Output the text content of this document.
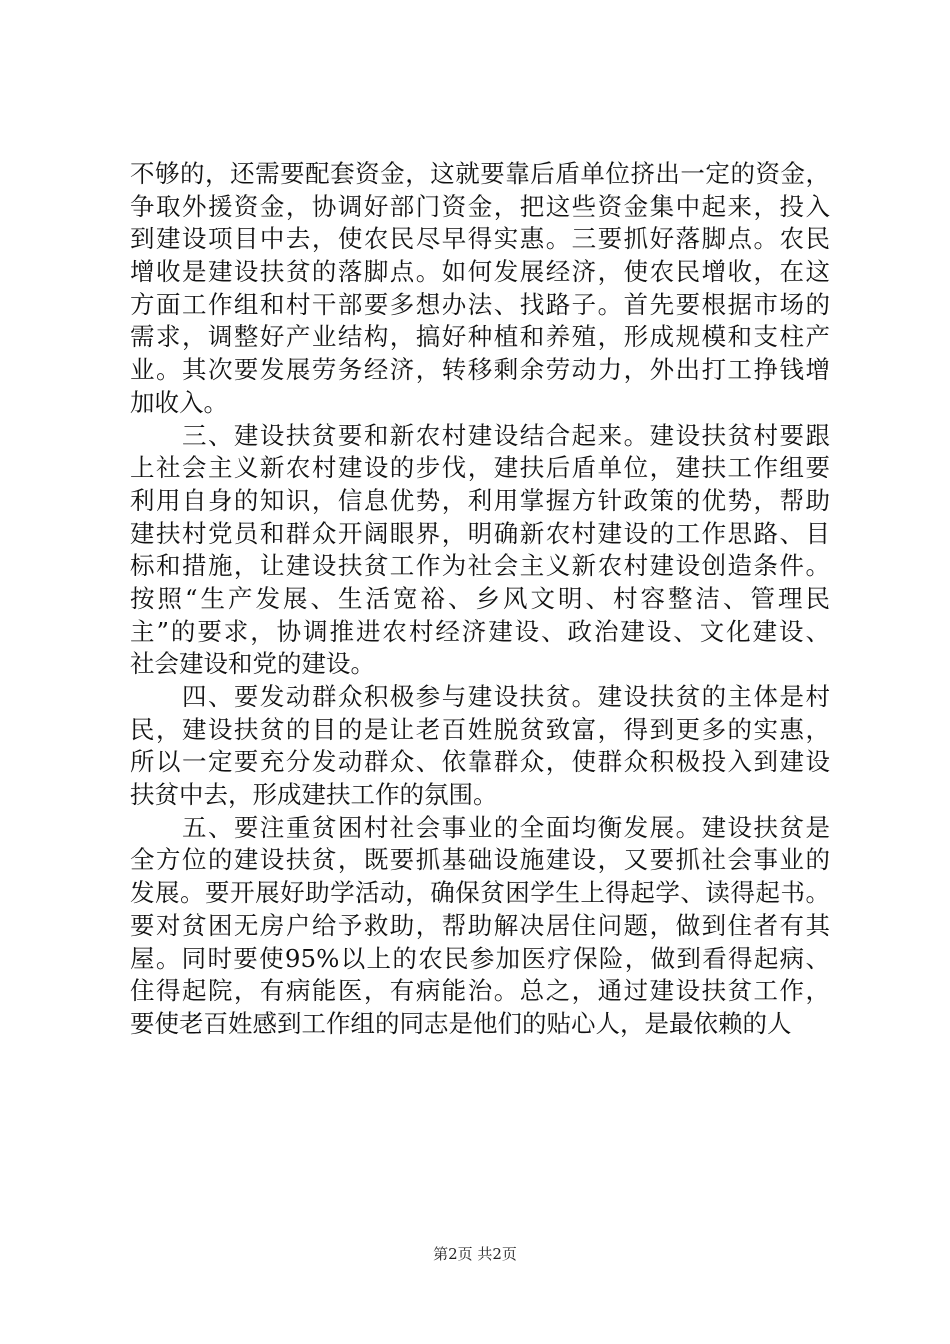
不够的，还需要配套资金，这就要靠后盾单位挤出一定的资金，
争取外援资金，协调好部门资金，把这些资金集中起来，投入
到建设项目中去，使农民尽早得实惠。三要抓好落脚点。农民
增收是建设扶贫的落脚点。如何发展经济，使农民增收，在这
方面工作组和村干部要多想办法、找路子。首先要根据市场的
需求，调整好产业结构，搞好种植和养殖，形成规模和支柱产
业。其次要发展劳务经济，转移剩余劳动力，外出打工挣钱增
加收入。
　　三、建设扶贫要和新农村建设结合起来。建设扶贫村要跟
上社会主义新农村建设的步伐，建扶后盾单位，建扶工作组要
利用自身的知识，信息优势，利用掌握方针政策的优势，帮助
建扶村党员和群众开阔眼界，明确新农村建设的工作思路、目
标和措施，让建设扶贫工作为社会主义新农村建设创造条件。
按照“生产发展、生活宽裕、乡风文明、村容整洁、管理民
主”的要求，协调推进农村经济建设、政治建设、文化建设、
社会建设和党的建设。
　　四、要发动群众积极参与建设扶贫。建设扶贫的主体是村
民，建设扶贫的目的是让老百姓脱贫致富，得到更多的实惠，
所以一定要充分发动群众、依靠群众，使群众积极投入到建设
扶贫中去，形成建扶工作的氛围。
　　五、要注重贫困村社会事业的全面均衡发展。建设扶贫是
全方位的建设扶贫，既要抓基础设施建设，又要抓社会事业的
发展。要开展好助学活动，确保贫困学生上得起学、读得起书。
要对贫困无房户给予救助，帮助解决居住问题，做到住者有其
屋。同时要使95%以上的农民参加医疗保险，做到看得起病、
住得起院，有病能医，有病能治。总之，通过建设扶贫工作，
要使老百姓感到工作组的同志是他们的贴心人，是最依赖的人
第2页 共2页
